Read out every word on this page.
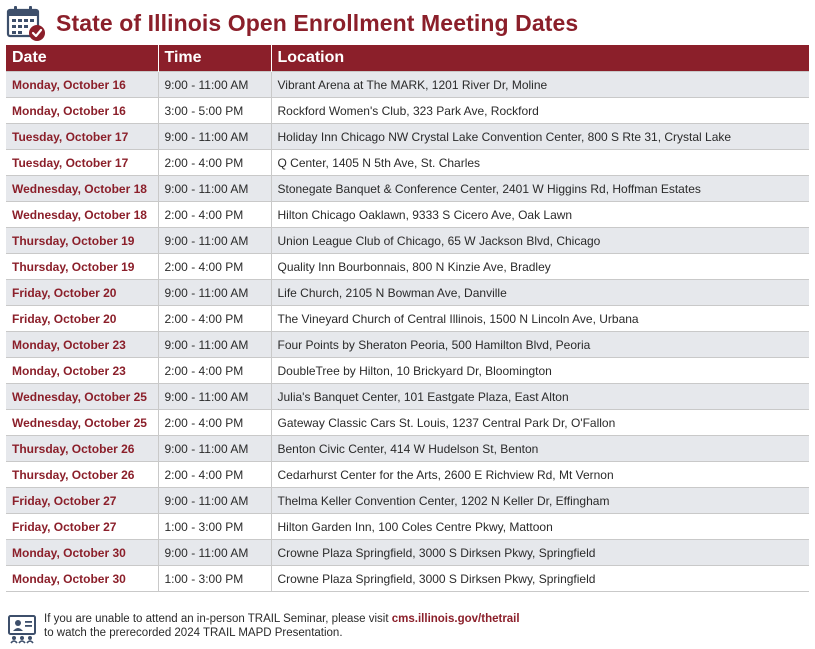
State of Illinois Open Enrollment Meeting Dates
Date	Time	Location
Monday, October 16	9:00 - 11:00 AM	Vibrant Arena at The MARK, 1201 River Dr, Moline
Monday, October 16	3:00 - 5:00 PM	Rockford Women's Club, 323 Park Ave, Rockford
Tuesday, October 17	9:00 - 11:00 AM	Holiday Inn Chicago NW Crystal Lake Convention Center, 800 S Rte 31, Crystal Lake
Tuesday, October 17	2:00 - 4:00 PM	Q Center, 1405 N 5th Ave, St. Charles
Wednesday, October 18	9:00 - 11:00 AM	Stonegate Banquet & Conference Center, 2401 W Higgins Rd, Hoffman Estates
Wednesday, October 18	2:00 - 4:00 PM	Hilton Chicago Oaklawn, 9333 S Cicero Ave, Oak Lawn
Thursday, October 19	9:00 - 11:00 AM	Union League Club of Chicago, 65 W Jackson Blvd, Chicago
Thursday, October 19	2:00 - 4:00 PM	Quality Inn Bourbonnais, 800 N Kinzie Ave, Bradley
Friday, October 20	9:00 - 11:00 AM	Life Church, 2105 N Bowman Ave, Danville
Friday, October 20	2:00 - 4:00 PM	The Vineyard Church of Central Illinois, 1500 N Lincoln Ave, Urbana
Monday, October 23	9:00 - 11:00 AM	Four Points by Sheraton Peoria, 500 Hamilton Blvd, Peoria
Monday, October 23	2:00 - 4:00 PM	DoubleTree by Hilton, 10 Brickyard Dr, Bloomington
Wednesday, October 25	9:00 - 11:00 AM	Julia's Banquet Center, 101 Eastgate Plaza, East Alton
Wednesday, October 25	2:00 - 4:00 PM	Gateway Classic Cars St. Louis, 1237 Central Park Dr, O'Fallon
Thursday, October 26	9:00 - 11:00 AM	Benton Civic Center, 414 W Hudelson St, Benton
Thursday, October 26	2:00 - 4:00 PM	Cedarhurst Center for the Arts, 2600 E Richview Rd, Mt Vernon
Friday, October 27	9:00 - 11:00 AM	Thelma Keller Convention Center, 1202 N Keller Dr, Effingham
Friday, October 27	1:00 - 3:00 PM	Hilton Garden Inn, 100 Coles Centre Pkwy, Mattoon
Monday, October 30	9:00 - 11:00 AM	Crowne Plaza Springfield, 3000 S Dirksen Pkwy, Springfield
Monday, October 30	1:00 - 3:00 PM	Crowne Plaza Springfield, 3000 S Dirksen Pkwy, Springfield
If you are unable to attend an in-person TRAIL Seminar, please visit cms.illinois.gov/thetrail
to watch the prerecorded 2024 TRAIL MAPD Presentation.
